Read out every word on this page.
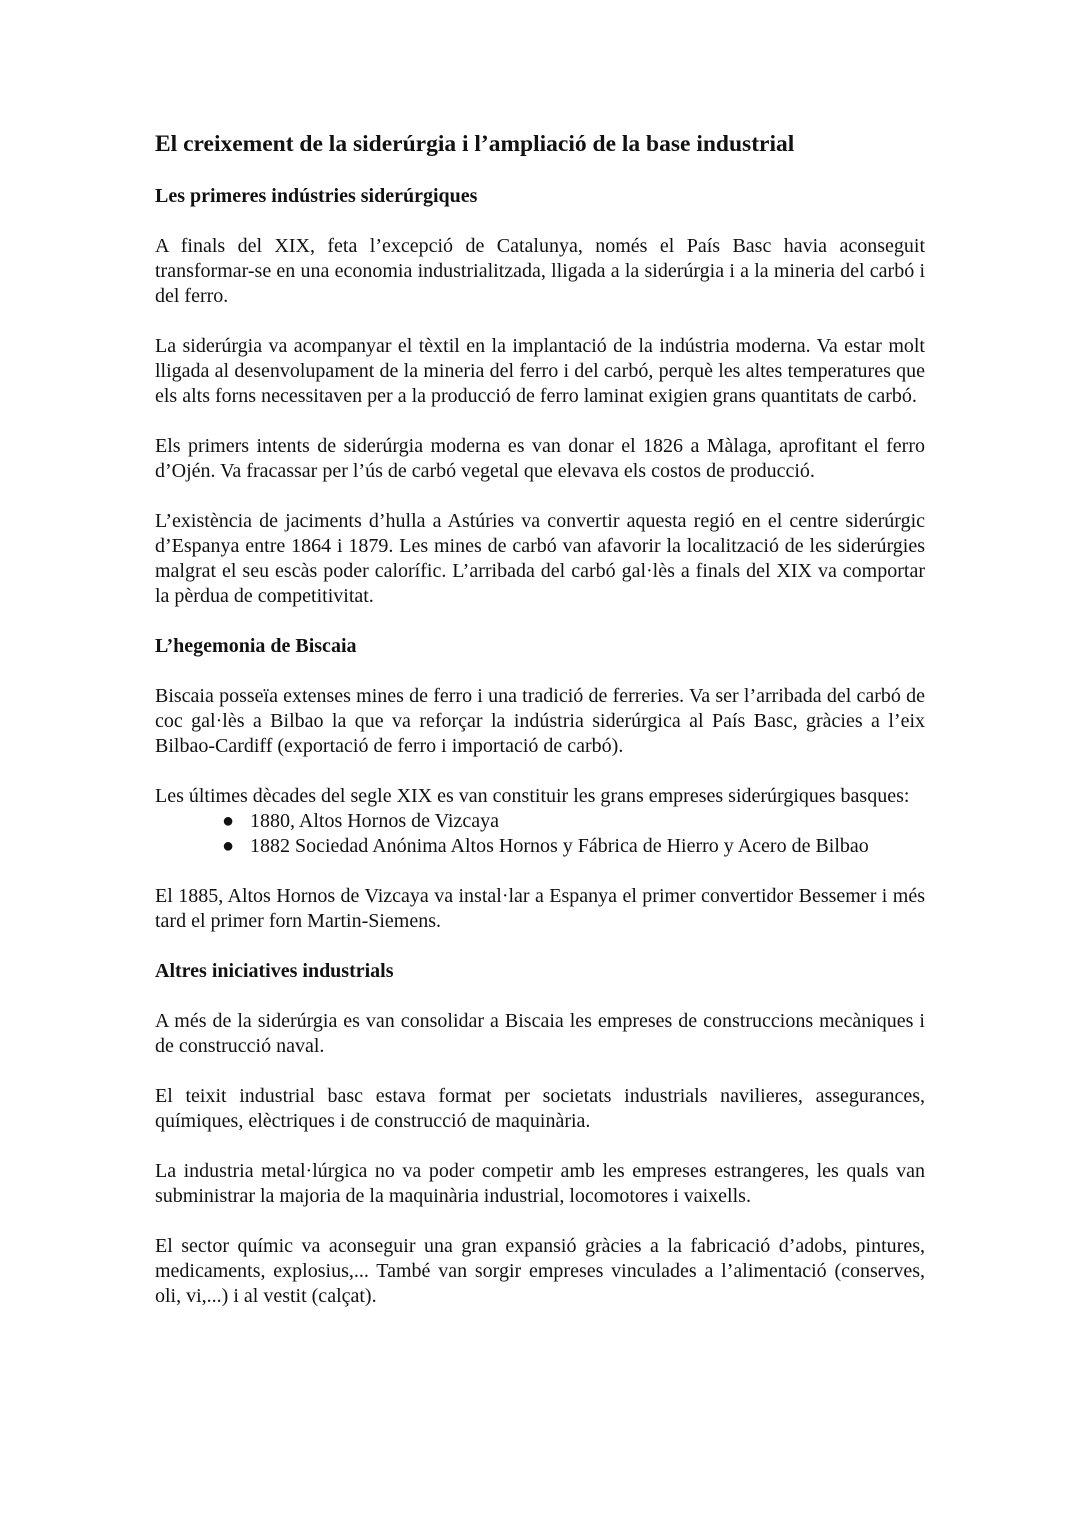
El creixement de la siderúrgia i l’ampliació de la base industrial
Les primeres indústries siderúrgiques

A finals del XIX, feta l’excepció de Catalunya, només el País Basc havia aconseguit transformar-se en una economia industrialitzada, lligada a la siderúrgia i a la mineria del carbó i del ferro.

La siderúrgia va acompanyar el tèxtil en la implantació de la indústria moderna. Va estar molt lligada al desenvolupament de la mineria del ferro i del carbó, perquè les altes temperatures que els alts forns necessitaven per a la producció de ferro laminat exigien grans quantitats de carbó.

Els primers intents de siderúrgia moderna es van donar el 1826 a Màlaga, aprofitant el ferro d’Ojén. Va fracassar per l’ús de carbó vegetal que elevava els costos de producció.

L’existència de jaciments d’hulla a Astúries va convertir aquesta regió en el centre siderúrgic d’Espanya entre 1864 i 1879. Les mines de carbó van afavorir la localització de les siderúrgies malgrat el seu escàs poder calorífic. L’arribada del carbó gal·lès a finals del XIX va comportar la pèrdua de competitivitat.

L’hegemonia de Biscaia

Biscaia posseïa extenses mines de ferro i una tradició de ferreries. Va ser l’arribada del carbó de coc gal·lès a Bilbao la que va reforçar la indústria siderúrgica al País Basc, gràcies a l’eix Bilbao-Cardiff (exportació de ferro i importació de carbó).

Les últimes dècades del segle XIX es van constituir les grans empreses siderúrgiques basques:

● 1880, Altos Hornos de Vizcaya
● 1882 Sociedad Anónima Altos Hornos y Fábrica de Hierro y Acero de Bilbao

El 1885, Altos Hornos de Vizcaya va instal·lar a Espanya el primer convertidor Bessemer i més tard el primer forn Martin-Siemens.

Altres iniciatives industrials

A més de la siderúrgia es van consolidar a Biscaia les empreses de construccions mecàniques i de construcció naval.

El teixit industrial basc estava format per societats industrials navilieres, assegurances, químiques, elèctriques i de construcció de maquinària.

La industria metal·lúrgica no va poder competir amb les empreses estrangeres, les quals van subministrar la majoria de la maquinària industrial, locomotores i vaixells.

El sector químic va aconseguir una gran expansió gràcies a la fabricació d’adobs, pintures, medicaments, explosius,... També van sorgir empreses vinculades a l’alimentació (conserves, oli, vi,...) i al vestit (calçat).
